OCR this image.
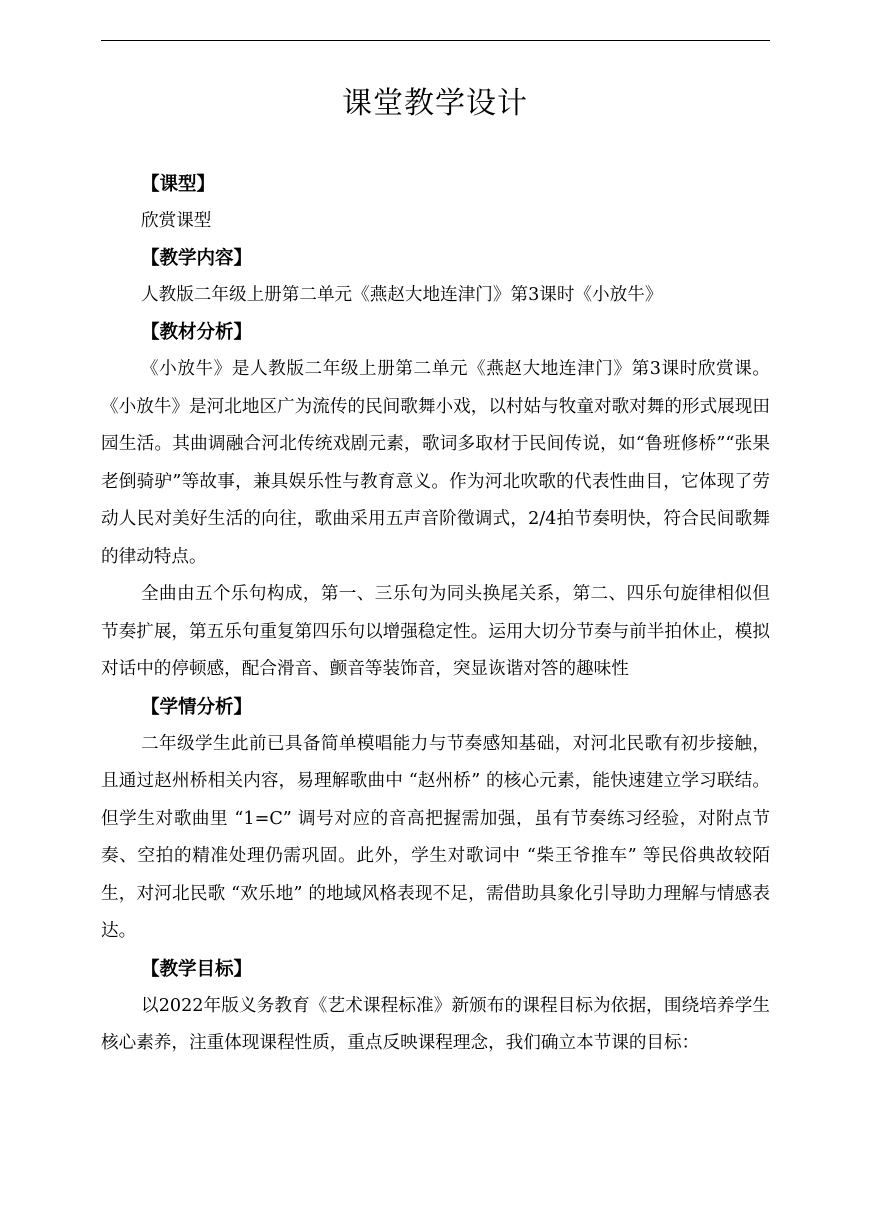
课堂教学设计

【课型】

欣赏课型

【教学内容】

人教版二年级上册第二单元《燕赵大地连津门》第3课时《小放牛》

【教材分析】

《小放牛》是人教版二年级上册第二单元《燕赵大地连津门》第3课时欣赏课。《小放牛》是河北地区广为流传的民间歌舞小戏，以村姑与牧童对歌对舞的形式展现田园生活。其曲调融合河北传统戏剧元素，歌词多取材于民间传说，如“鲁班修桥”“张果老倒骑驴”等故事，兼具娱乐性与教育意义。作为河北吹歌的代表性曲目，它体现了劳动人民对美好生活的向往，歌曲采用五声音阶徵调式，2/4拍节奏明快，符合民间歌舞的律动特点。

全曲由五个乐句构成，第一、三乐句为同头换尾关系，第二、四乐句旋律相似但节奏扩展，第五乐句重复第四乐句以增强稳定性。运用大切分节奏与前半拍休止，模拟对话中的停顿感，配合滑音、颤音等装饰音，突显诙谐对答的趣味性

【学情分析】

二年级学生此前已具备简单模唱能力与节奏感知基础，对河北民歌有初步接触，且通过赵州桥相关内容，易理解歌曲中 “赵州桥” 的核心元素，能快速建立学习联结。但学生对歌曲里 “1=C” 调号对应的音高把握需加强，虽有节奏练习经验，对附点节奏、空拍的精准处理仍需巩固。此外，学生对歌词中 “柴王爷推车” 等民俗典故较陌生，对河北民歌 “欢乐地” 的地域风格表现不足，需借助具象化引导助力理解与情感表达。

【教学目标】

以2022年版义务教育《艺术课程标准》新颁布的课程目标为依据，围绕培养学生核心素养，注重体现课程性质，重点反映课程理念，我们确立本节课的目标：
